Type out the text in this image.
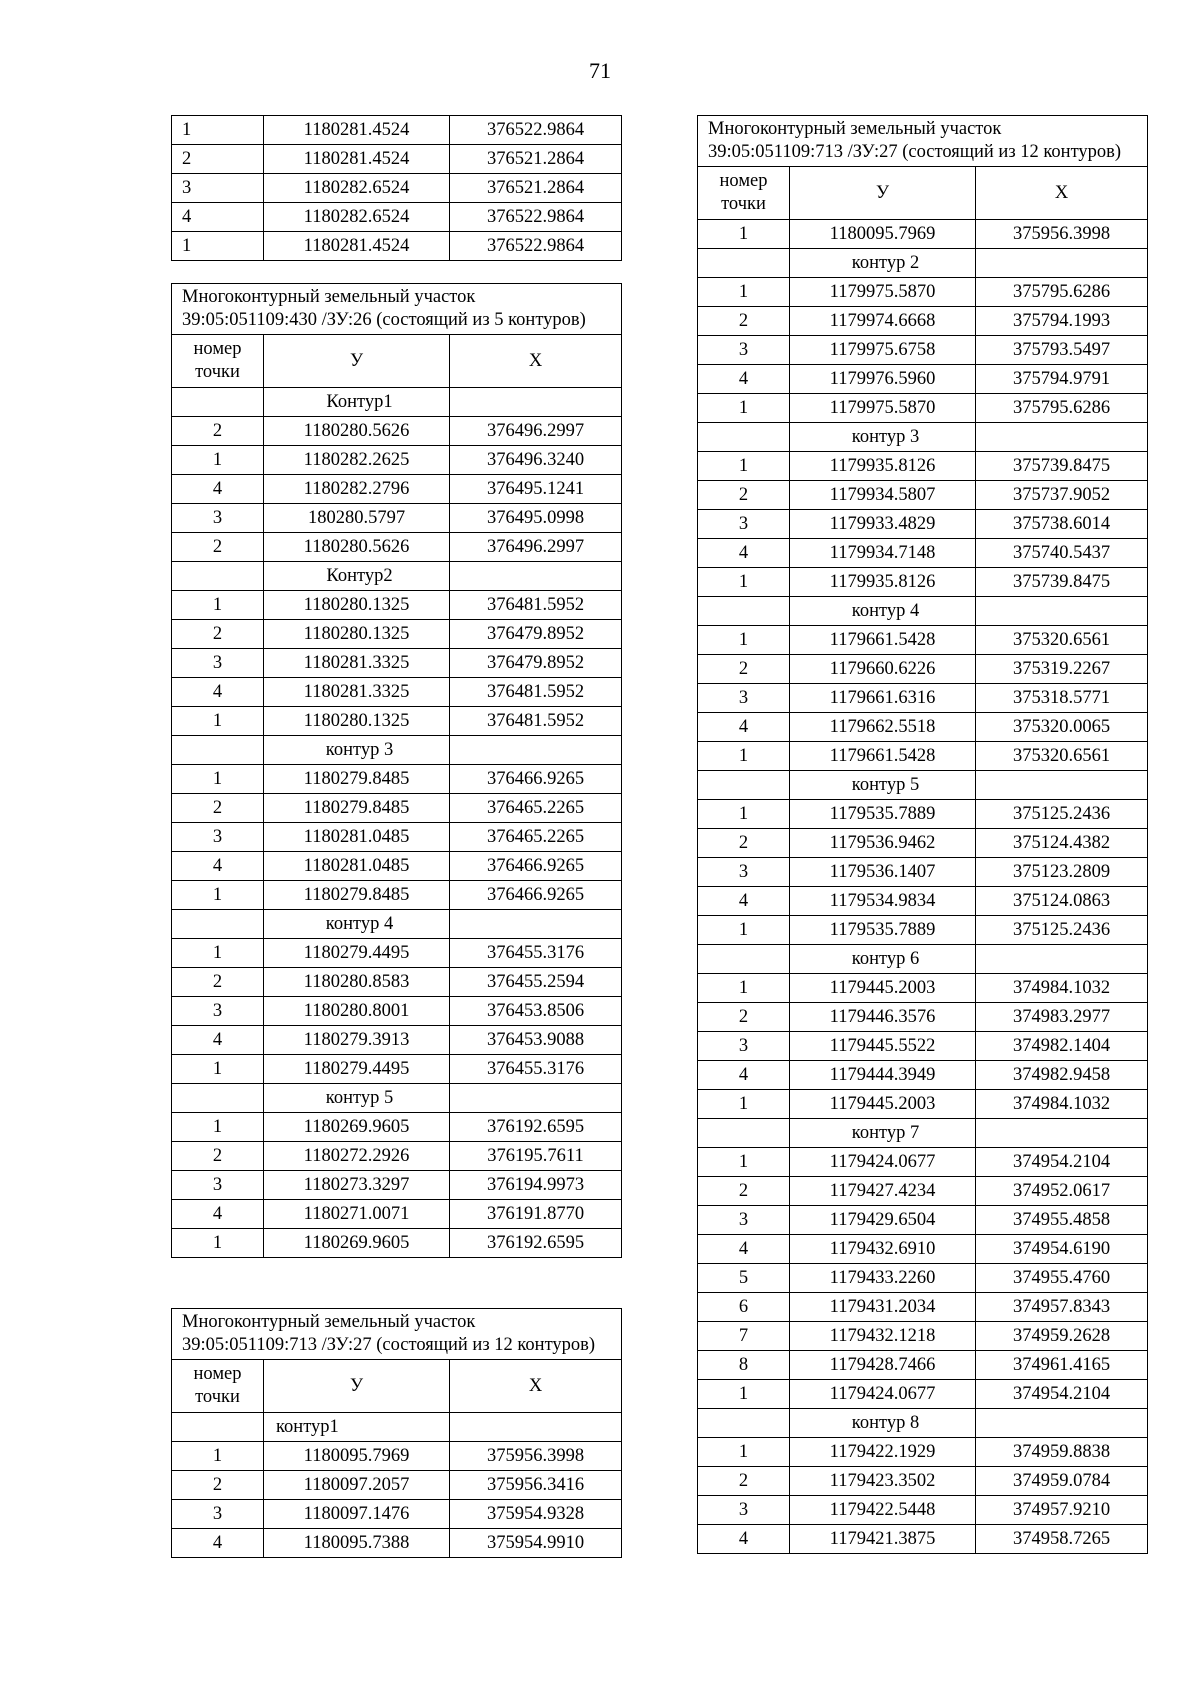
71
1	1180281.4524	376522.9864
2	1180281.4524	376521.2864
3	1180282.6524	376521.2864
4	1180282.6524	376522.9864
1	1180281.4524	376522.9864
Многоконтурный земельный участок 39:05:051109:430 /ЗУ:26 (состоящий из 5 контуров)		
номер точки	У	Х
	Контур1	
2	1180280.5626	376496.2997
1	1180282.2625	376496.3240
4	1180282.2796	376495.1241
3	180280.5797	376495.0998
2	1180280.5626	376496.2997
	Контур2	
1	1180280.1325	376481.5952
2	1180280.1325	376479.8952
3	1180281.3325	376479.8952
4	1180281.3325	376481.5952
1	1180280.1325	376481.5952
	контур 3	
1	1180279.8485	376466.9265
2	1180279.8485	376465.2265
3	1180281.0485	376465.2265
4	1180281.0485	376466.9265
1	1180279.8485	376466.9265
	контур 4	
1	1180279.4495	376455.3176
2	1180280.8583	376455.2594
3	1180280.8001	376453.8506
4	1180279.3913	376453.9088
1	1180279.4495	376455.3176
	контур 5	
1	1180269.9605	376192.6595
2	1180272.2926	376195.7611
3	1180273.3297	376194.9973
4	1180271.0071	376191.8770
1	1180269.9605	376192.6595
Многоконтурный земельный участок 39:05:051109:713 /ЗУ:27 (состоящий из 12 контуров)		
номер точки	У	Х
	контур1	
1	1180095.7969	375956.3998
2	1180097.2057	375956.3416
3	1180097.1476	375954.9328
4	1180095.7388	375954.9910
Многоконтурный земельный участок 39:05:051109:713 /ЗУ:27 (состоящий из 12 контуров)		
номер точки	У	Х
1	1180095.7969	375956.3998
	контур 2	
1	1179975.5870	375795.6286
2	1179974.6668	375794.1993
3	1179975.6758	375793.5497
4	1179976.5960	375794.9791
1	1179975.5870	375795.6286
	контур 3	
1	1179935.8126	375739.8475
2	1179934.5807	375737.9052
3	1179933.4829	375738.6014
4	1179934.7148	375740.5437
1	1179935.8126	375739.8475
	контур 4	
1	1179661.5428	375320.6561
2	1179660.6226	375319.2267
3	1179661.6316	375318.5771
4	1179662.5518	375320.0065
1	1179661.5428	375320.6561
	контур 5	
1	1179535.7889	375125.2436
2	1179536.9462	375124.4382
3	1179536.1407	375123.2809
4	1179534.9834	375124.0863
1	1179535.7889	375125.2436
	контур 6	
1	1179445.2003	374984.1032
2	1179446.3576	374983.2977
3	1179445.5522	374982.1404
4	1179444.3949	374982.9458
1	1179445.2003	374984.1032
	контур 7	
1	1179424.0677	374954.2104
2	1179427.4234	374952.0617
3	1179429.6504	374955.4858
4	1179432.6910	374954.6190
5	1179433.2260	374955.4760
6	1179431.2034	374957.8343
7	1179432.1218	374959.2628
8	1179428.7466	374961.4165
1	1179424.0677	374954.2104
	контур 8	
1	1179422.1929	374959.8838
2	1179423.3502	374959.0784
3	1179422.5448	374957.9210
4	1179421.3875	374958.7265
